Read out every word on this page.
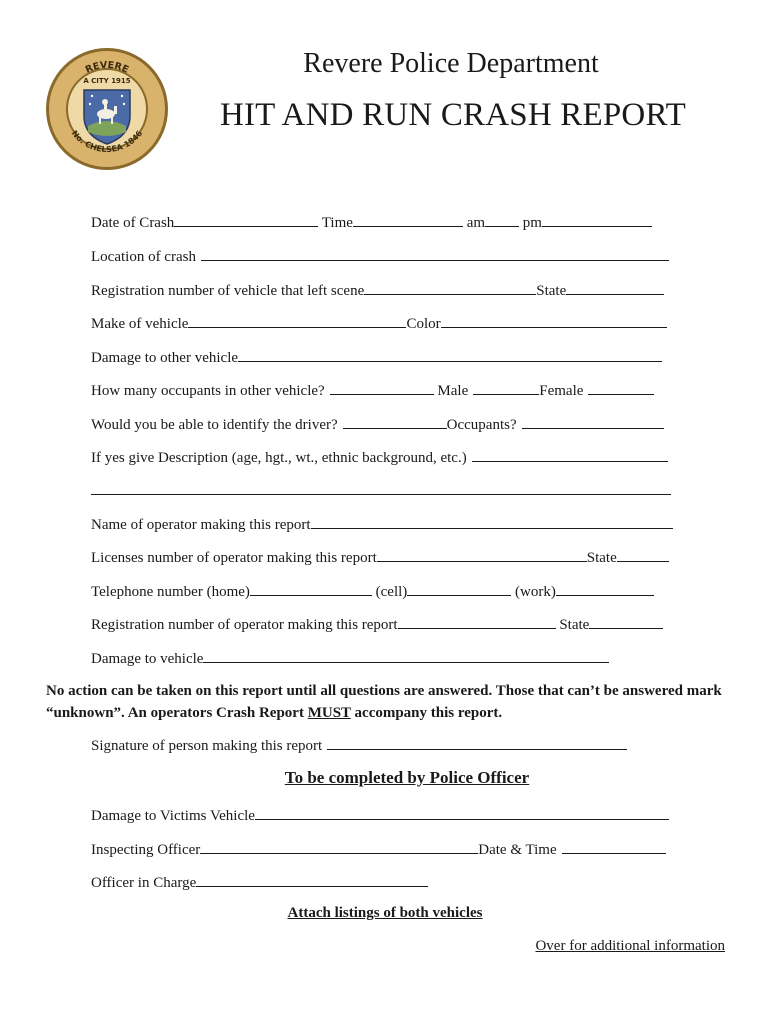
REVERE
No. CHELSEA 1846
A CITY 1915
Revere Police Department
HIT AND RUN CRASH REPORT
Date of Crash	Time	am	pm
Location of crash
Registration number of vehicle that left scene	State
Make of vehicle	Color
Damage to other vehicle
How many occupants in other vehicle?	Male	Female
Would you be able to identify the driver?	Occupants?
If yes give Description (age, hgt., wt., ethnic background, etc.)
Name of operator making this report
Licenses number of operator making this report	State
Telephone number (home)	(cell)	(work)
Registration number of operator making this report	State
Damage to vehicle
No action can be taken on this report until all questions are answered. Those that can’t be answered mark “unknown”. An operators Crash Report MUST accompany this report.
Signature of person making this report
To be completed by Police Officer
Damage to Victims Vehicle
Inspecting Officer	Date & Time
Officer in Charge
Attach listings of both vehicles
Over for additional information
